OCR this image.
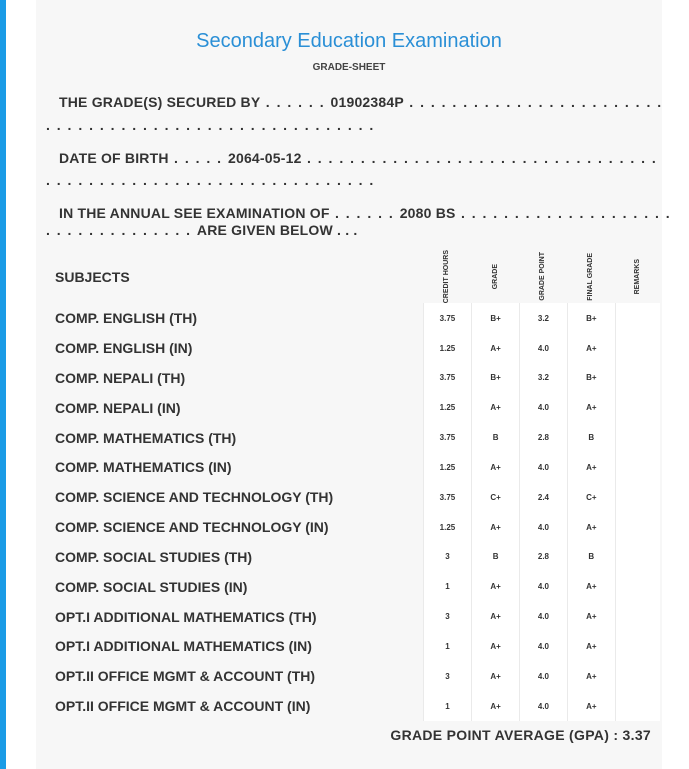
Secondary Education Examination
GRADE-SHEET
THE GRADE(S) SECURED BY . . . . . . 01902384P . . . . . . . . . . . . . . . . . . . . . . . .
. . . . . . . . . . . . . . . . . . . . . . . . . . . . . . .
DATE OF BIRTH . . . . . 2064-05-12 . . . . . . . . . . . . . . . . . . . . . . . . . . . . . . . . .
. . . . . . . . . . . . . . . . . . . . . . . . . . . . . . .
IN THE ANNUAL SEE EXAMINATION OF . . . . . . 2080 BS . . . . . . . . . . . . . . . . . . . .
. . . . . . . . . . . . . . ARE GIVEN BELOW . . .
SUBJECTS	CREDIT HOURS	GRADE	GRADE POINT	FINAL GRADE	REMARKS

COMP. ENGLISH (TH)	3.75	B+	3.2	B+	
COMP. ENGLISH (IN)	1.25	A+	4.0	A+	
COMP. NEPALI (TH)	3.75	B+	3.2	B+	
COMP. NEPALI (IN)	1.25	A+	4.0	A+	
COMP. MATHEMATICS (TH)	3.75	B	2.8	B	
COMP. MATHEMATICS (IN)	1.25	A+	4.0	A+	
COMP. SCIENCE AND TECHNOLOGY (TH)	3.75	C+	2.4	C+	
COMP. SCIENCE AND TECHNOLOGY (IN)	1.25	A+	4.0	A+	
COMP. SOCIAL STUDIES (TH)	3	B	2.8	B	
COMP. SOCIAL STUDIES (IN)	1	A+	4.0	A+	
OPT.I ADDITIONAL MATHEMATICS (TH)	3	A+	4.0	A+	
OPT.I ADDITIONAL MATHEMATICS (IN)	1	A+	4.0	A+	
OPT.II OFFICE MGMT & ACCOUNT (TH)	3	A+	4.0	A+	
OPT.II OFFICE MGMT & ACCOUNT (IN)	1	A+	4.0	A+	
GRADE POINT AVERAGE (GPA) : 3.37
